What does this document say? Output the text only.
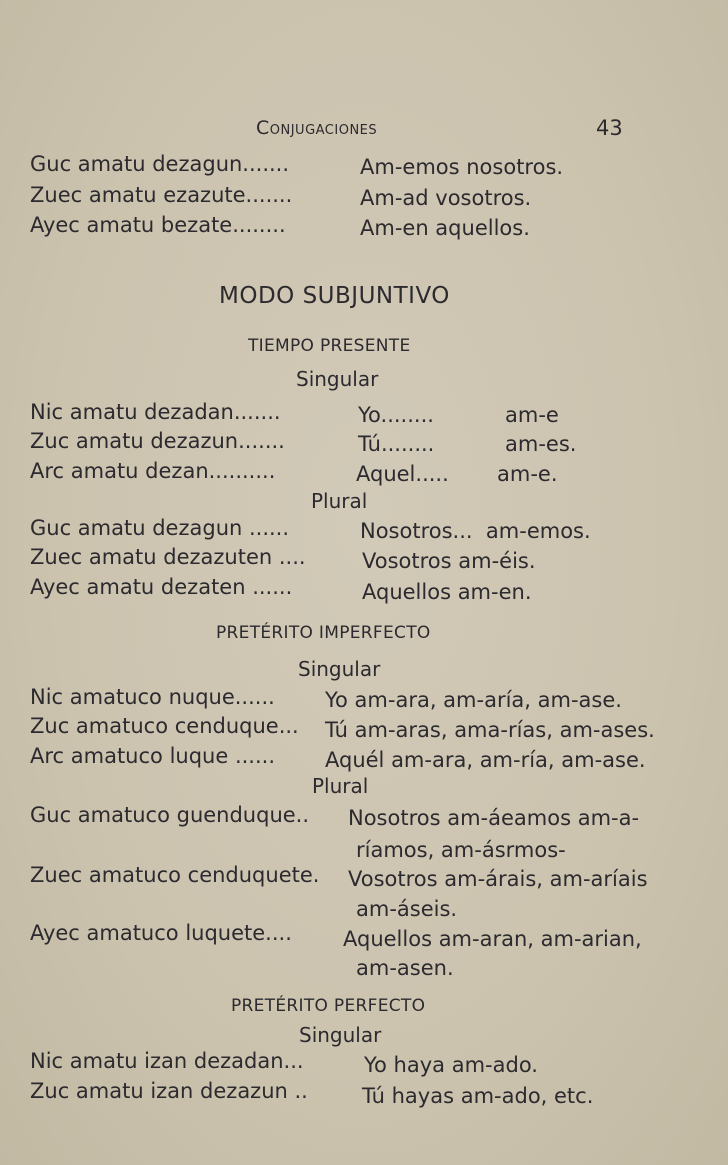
Conjugaciones	43
Guc amatu dezagun.......	Am-emos nosotros.
Zuec amatu ezazute.......	Am-ad vosotros.
Ayec amatu bezate........	Am-en aquellos.
MODO SUBJUNTIVO
TIEMPO PRESENTE
Singular
Nic amatu dezadan.......	Yo........	am-e
Zuc amatu dezazun.......	Tú........	am-es.
Arc amatu dezan..........	Aquel..... am-e.
Plural
Guc amatu dezagun ......	Nosotros...  am-emos.
Zuec amatu dezazuten ....	Vosotros am-éis.
Ayec amatu dezaten ......	Aquellos am-en.
PRETÉRITO IMPERFECTO
Singular
Nic amatuco nuque...... Yo am-ara, am-aría, am-ase.
Zuc amatuco cenduque... Tú am-aras, ama-rías, am-ases.
Arc amatuco luque ...... Aquél am-ara, am-ría, am-ase.
Plural
Guc amatuco guenduque.. Nosotros am-áeamos am-a-
ríamos, am-ásrmos-
Zuec amatuco cenduquete. Vosotros am-árais, am-aríais
am-áseis.
Ayec amatuco luquete.... Aquellos am-aran, am-arian,
am-asen.
PRETÉRITO PERFECTO
Singular
Nic amatu izan dezadan...	Yo haya am-ado.
Zuc amatu izan dezazun ..	Tú hayas am-ado, etc.
